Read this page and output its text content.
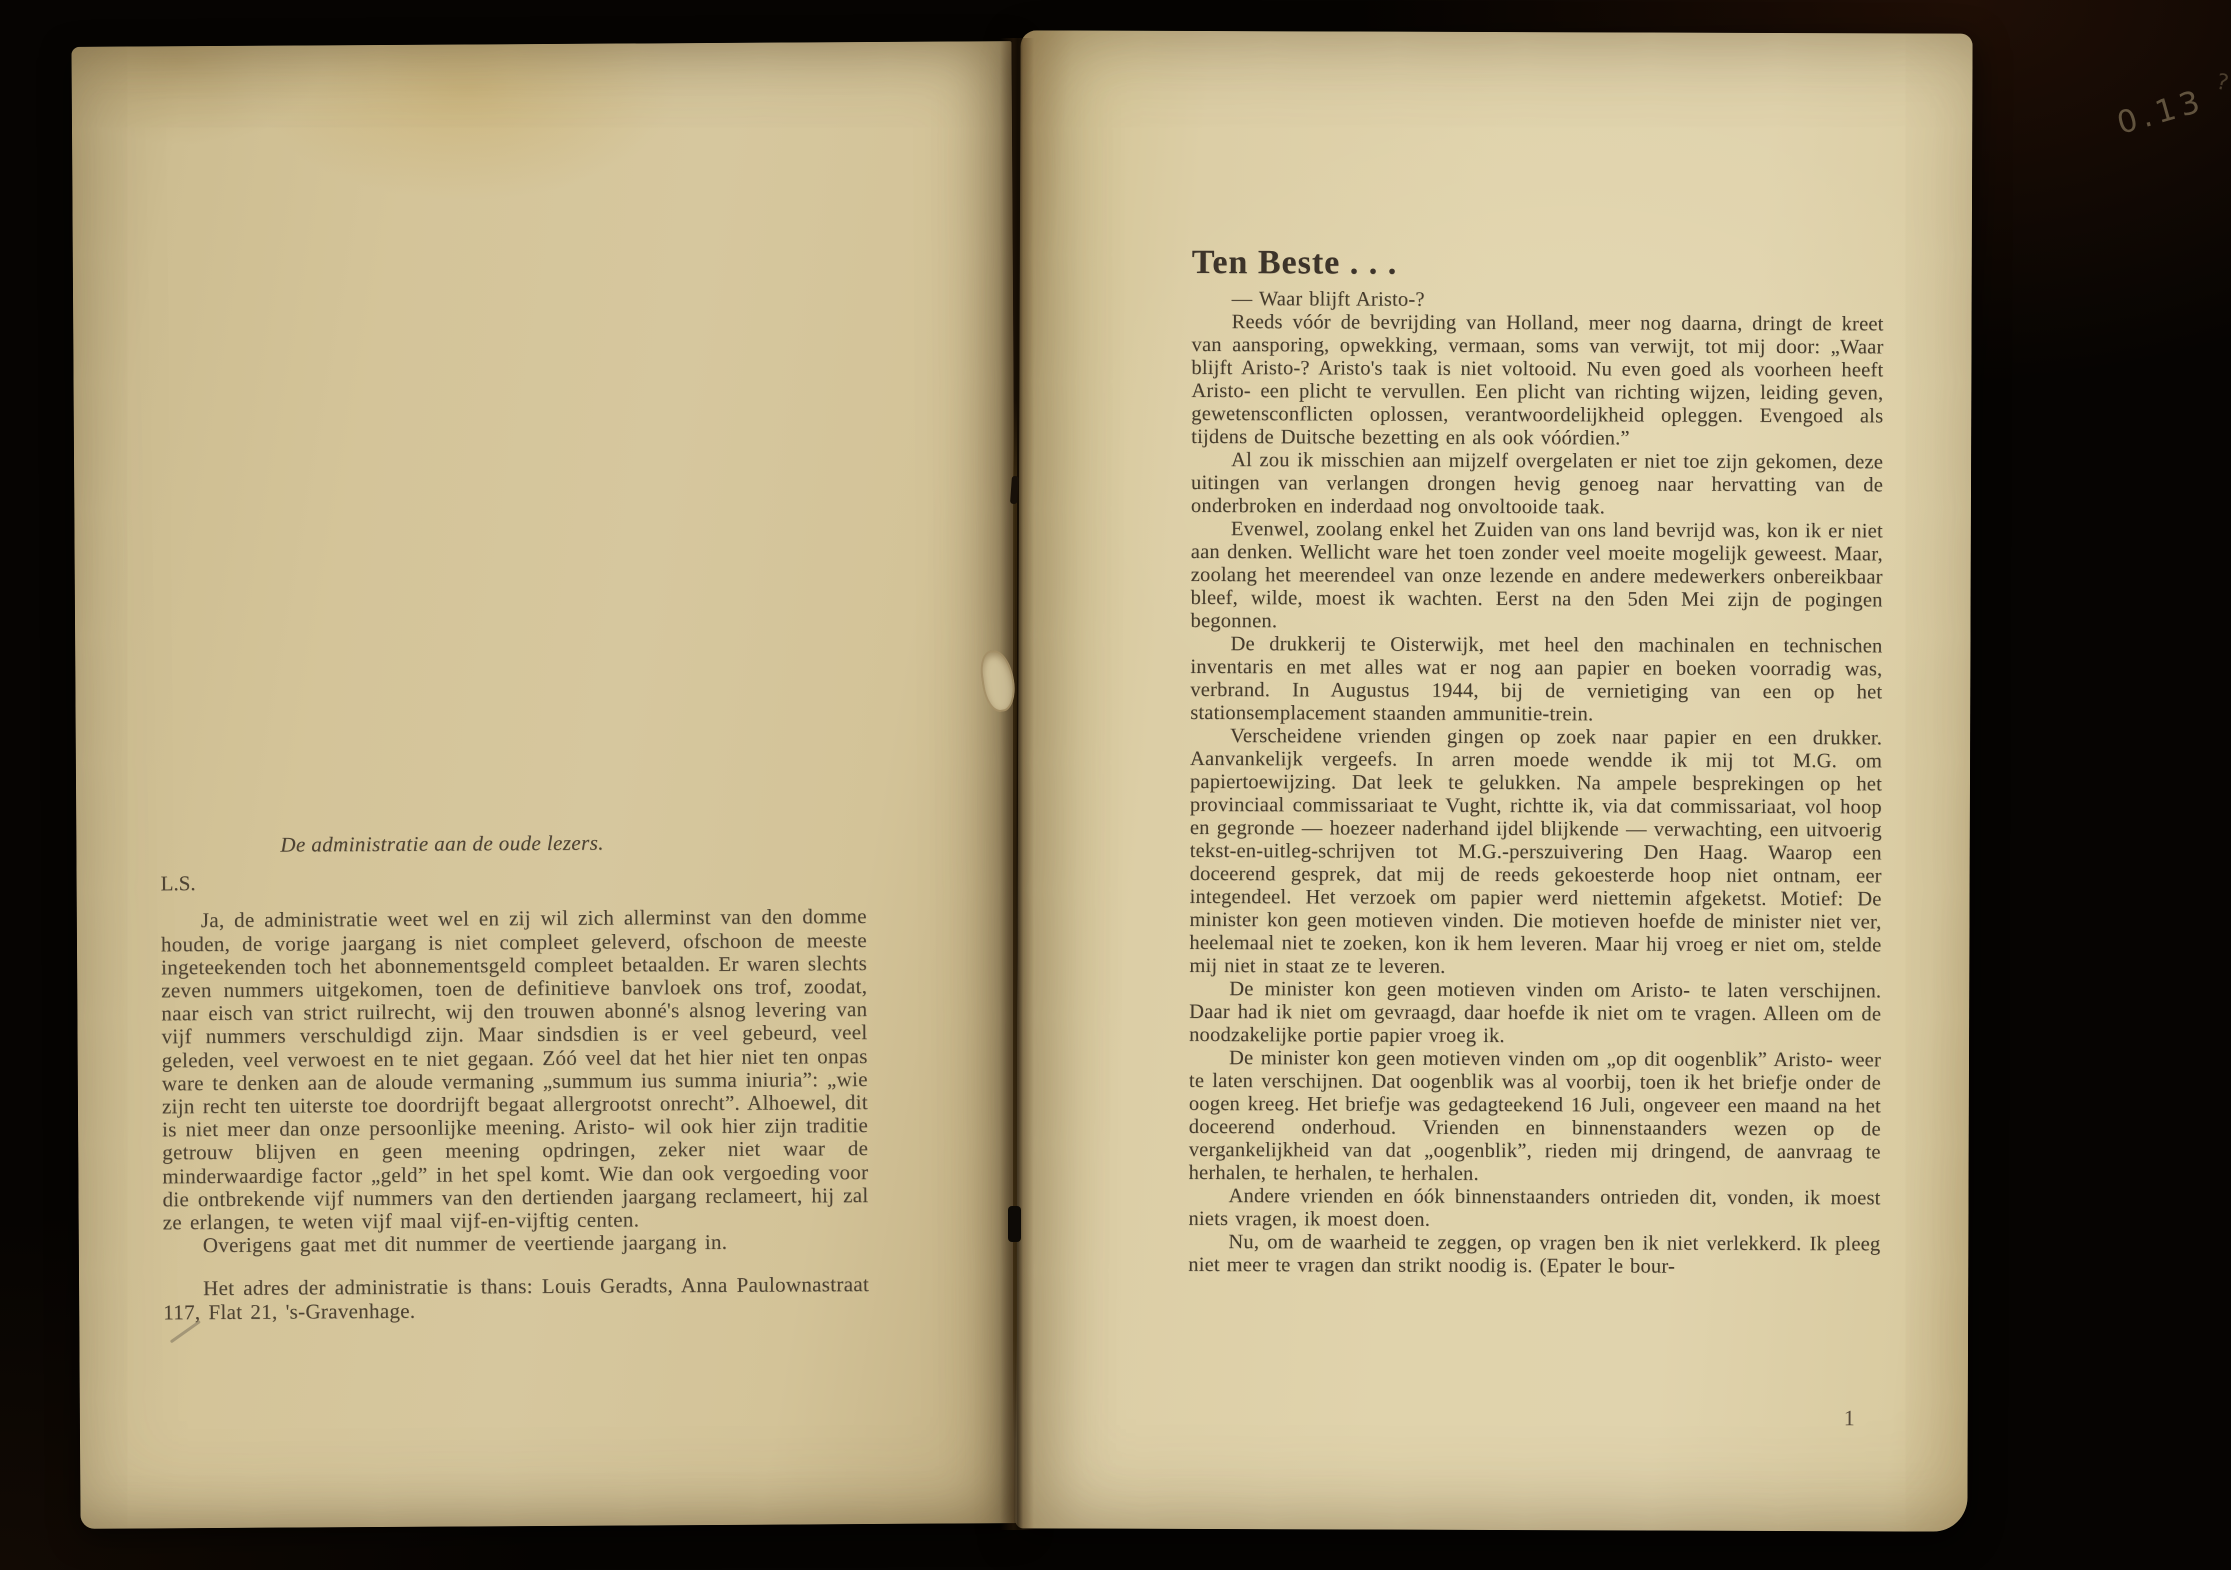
De administratie aan de oude lezers.

L.S.

Ja, de administratie weet wel en zij wil zich allerminst van den domme houden, de vorige jaargang is niet compleet geleverd, ofschoon de meeste ingeteekenden toch het abonnementsgeld compleet betaalden. Er waren slechts zeven nummers uitgekomen, toen de definitieve banvloek ons trof, zoodat, naar eisch van strict ruilrecht, wij den trouwen abonné's alsnog levering van vijf nummers verschuldigd zijn. Maar sindsdien is er veel gebeurd, veel geleden, veel verwoest en te niet gegaan. Zóó veel dat het hier niet ten onpas ware te denken aan de aloude vermaning „summum ius summa iniuria”: „wie zijn recht ten uiterste toe doordrijft begaat allergrootst onrecht”. Alhoewel, dit is niet meer dan onze persoonlijke meening. Aristo- wil ook hier zijn traditie getrouw blijven en geen meening opdringen, zeker niet waar de minderwaardige factor „geld” in het spel komt. Wie dan ook vergoeding voor die ontbrekende vijf nummers van den dertienden jaargang reclameert, hij zal ze erlangen, te weten vijf maal vijf-en-vijftig centen.

Overigens gaat met dit nummer de veertiende jaargang in.

Het adres der administratie is thans: Louis Geradts, Anna Paulownastraat 117, Flat 21, 's-Gravenhage.

0.13 ?
Ten Beste . . .

— Waar blijft Aristo-?

Reeds vóór de bevrijding van Holland, meer nog daarna, dringt de kreet van aansporing, opwekking, vermaan, soms van verwijt, tot mij door: „Waar blijft Aristo-? Aristo's taak is niet voltooid. Nu even goed als voorheen heeft Aristo- een plicht te vervullen. Een plicht van richting wijzen, leiding geven, gewetensconflicten oplossen, verantwoordelijkheid opleggen. Evengoed als tijdens de Duitsche bezetting en als ook vóórdien.”

Al zou ik misschien aan mijzelf overgelaten er niet toe zijn gekomen, deze uitingen van verlangen drongen hevig genoeg naar hervatting van de onderbroken en inderdaad nog onvoltooide taak.

Evenwel, zoolang enkel het Zuiden van ons land bevrijd was, kon ik er niet aan denken. Wellicht ware het toen zonder veel moeite mogelijk geweest. Maar, zoolang het meerendeel van onze lezende en andere medewerkers onbereikbaar bleef, wilde, moest ik wachten. Eerst na den 5den Mei zijn de pogingen begonnen.

De drukkerij te Oisterwijk, met heel den machinalen en technischen inventaris en met alles wat er nog aan papier en boeken voorradig was, verbrand. In Augustus 1944, bij de vernietiging van een op het stationsemplacement staanden ammunitie-trein.

Verscheidene vrienden gingen op zoek naar papier en een drukker. Aanvankelijk vergeefs. In arren moede wendde ik mij tot M.G. om papiertoewijzing. Dat leek te gelukken. Na ampele besprekingen op het provinciaal commissariaat te Vught, richtte ik, via dat commissariaat, vol hoop en gegronde — hoezeer naderhand ijdel blijkende — verwachting, een uitvoerig tekst-en-uitleg-schrijven tot M.G.-perszuivering Den Haag. Waarop een doceerend gesprek, dat mij de reeds gekoesterde hoop niet ontnam, eer integendeel. Het verzoek om papier werd niettemin afgeketst. Motief: De minister kon geen motieven vinden. Die motieven hoefde de minister niet ver, heelemaal niet te zoeken, kon ik hem leveren. Maar hij vroeg er niet om, stelde mij niet in staat ze te leveren.

De minister kon geen motieven vinden om Aristo- te laten verschijnen. Daar had ik niet om gevraagd, daar hoefde ik niet om te vragen. Alleen om de noodzakelijke portie papier vroeg ik.

De minister kon geen motieven vinden om „op dit oogenblik” Aristo- weer te laten verschijnen. Dat oogenblik was al voorbij, toen ik het briefje onder de oogen kreeg. Het briefje was gedagteekend 16 Juli, ongeveer een maand na het doceerend onderhoud. Vrienden en binnenstaanders wezen op de vergankelijkheid van dat „oogenblik”, rieden mij dringend, de aanvraag te herhalen, te herhalen, te herhalen.

Andere vrienden en óók binnenstaanders ontrieden dit, vonden, ik moest niets vragen, ik moest doen.

Nu, om de waarheid te zeggen, op vragen ben ik niet verlekkerd. Ik pleeg niet meer te vragen dan strikt noodig is. (Epater le bour-

1
